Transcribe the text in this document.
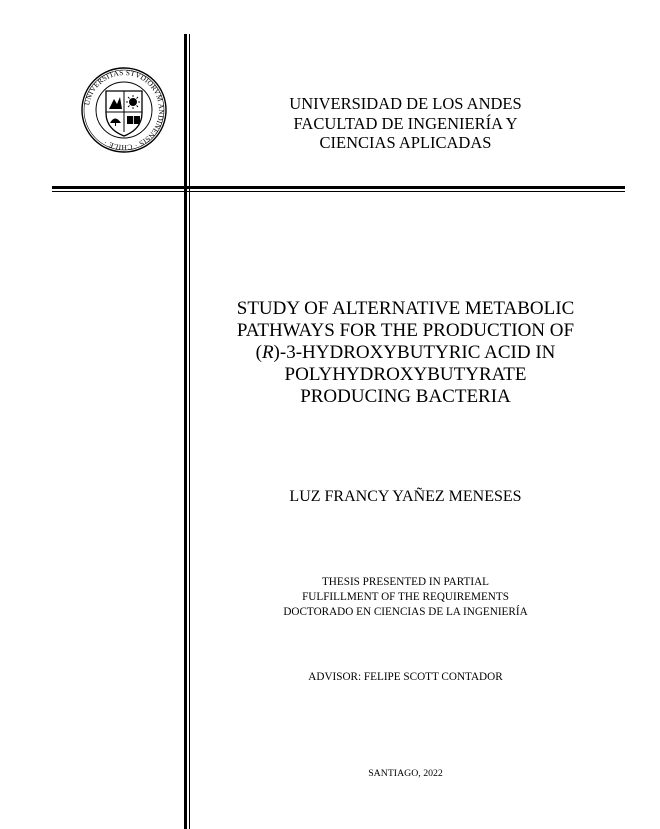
UNIVERSITAS STVDIORVM ANDINENSIS · CHILE ·
UNIVERSIDAD DE LOS ANDES
FACULTAD DE INGENIERÍA Y
CIENCIAS APLICADAS
STUDY OF ALTERNATIVE METABOLIC
PATHWAYS FOR THE PRODUCTION OF
(R)-3-HYDROXYBUTYRIC ACID IN
POLYHYDROXYBUTYRATE
PRODUCING BACTERIA
LUZ FRANCY YAÑEZ MENESES
THESIS PRESENTED IN PARTIAL
FULFILLMENT OF THE REQUIREMENTS
DOCTORADO EN CIENCIAS DE LA INGENIERÍA
ADVISOR: FELIPE SCOTT CONTADOR
SANTIAGO, 2022
